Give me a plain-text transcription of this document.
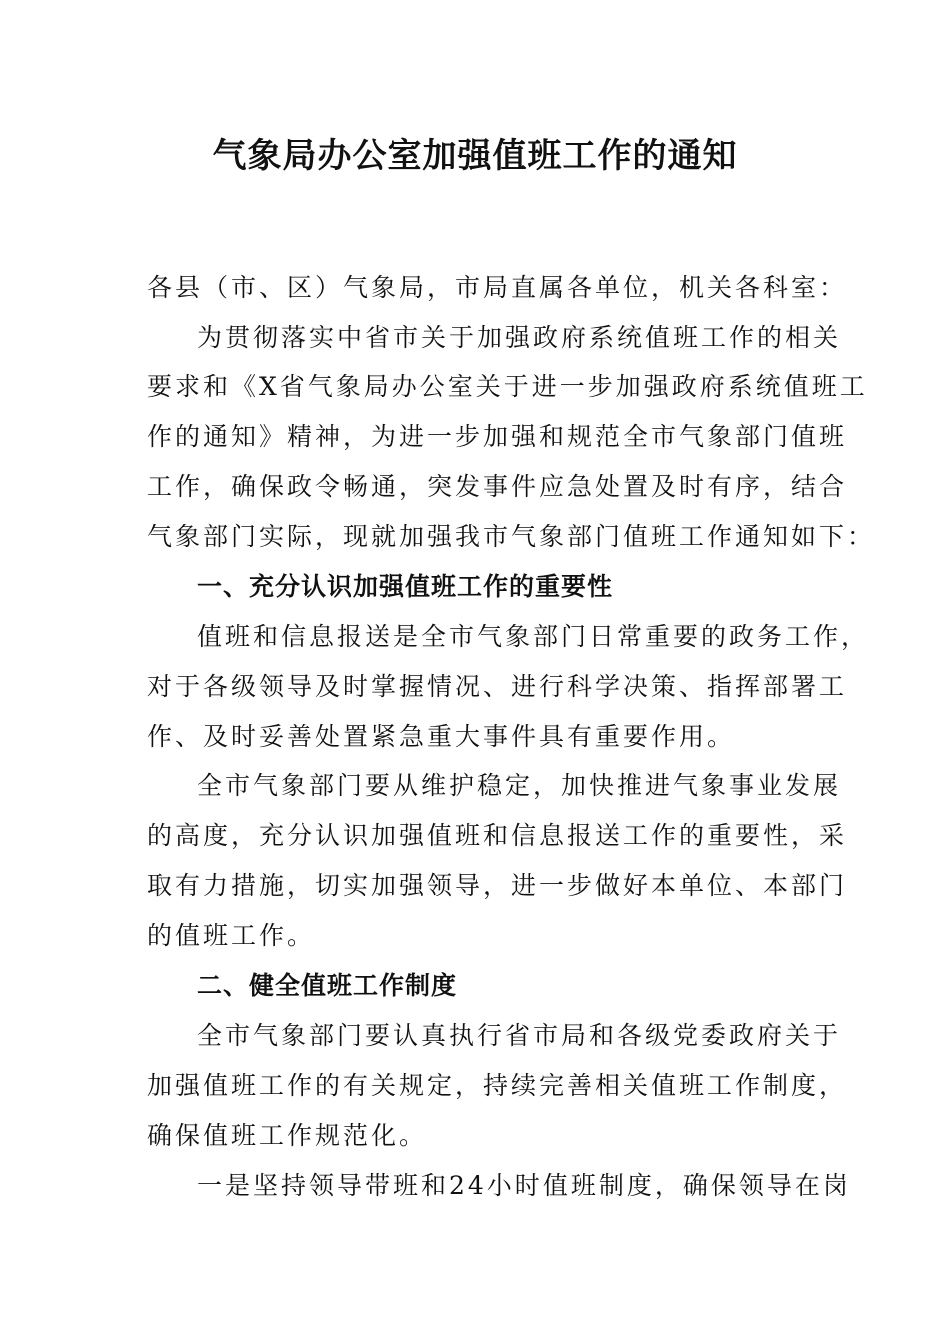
气象局办公室加强值班工作的通知
各县（市、区）气象局，市局直属各单位，机关各科室：
为贯彻落实中省市关于加强政府系统值班工作的相关
要求和《X省气象局办公室关于进一步加强政府系统值班工
作的通知》精神，为进一步加强和规范全市气象部门值班
工作，确保政令畅通，突发事件应急处置及时有序，结合
气象部门实际，现就加强我市气象部门值班工作通知如下：
一、充分认识加强值班工作的重要性
值班和信息报送是全市气象部门日常重要的政务工作，
对于各级领导及时掌握情况、进行科学决策、指挥部署工
作、及时妥善处置紧急重大事件具有重要作用。
全市气象部门要从维护稳定，加快推进气象事业发展
的高度，充分认识加强值班和信息报送工作的重要性，采
取有力措施，切实加强领导，进一步做好本单位、本部门
的值班工作。
二、健全值班工作制度
全市气象部门要认真执行省市局和各级党委政府关于
加强值班工作的有关规定，持续完善相关值班工作制度，
确保值班工作规范化。
一是坚持领导带班和24小时值班制度，确保领导在岗
